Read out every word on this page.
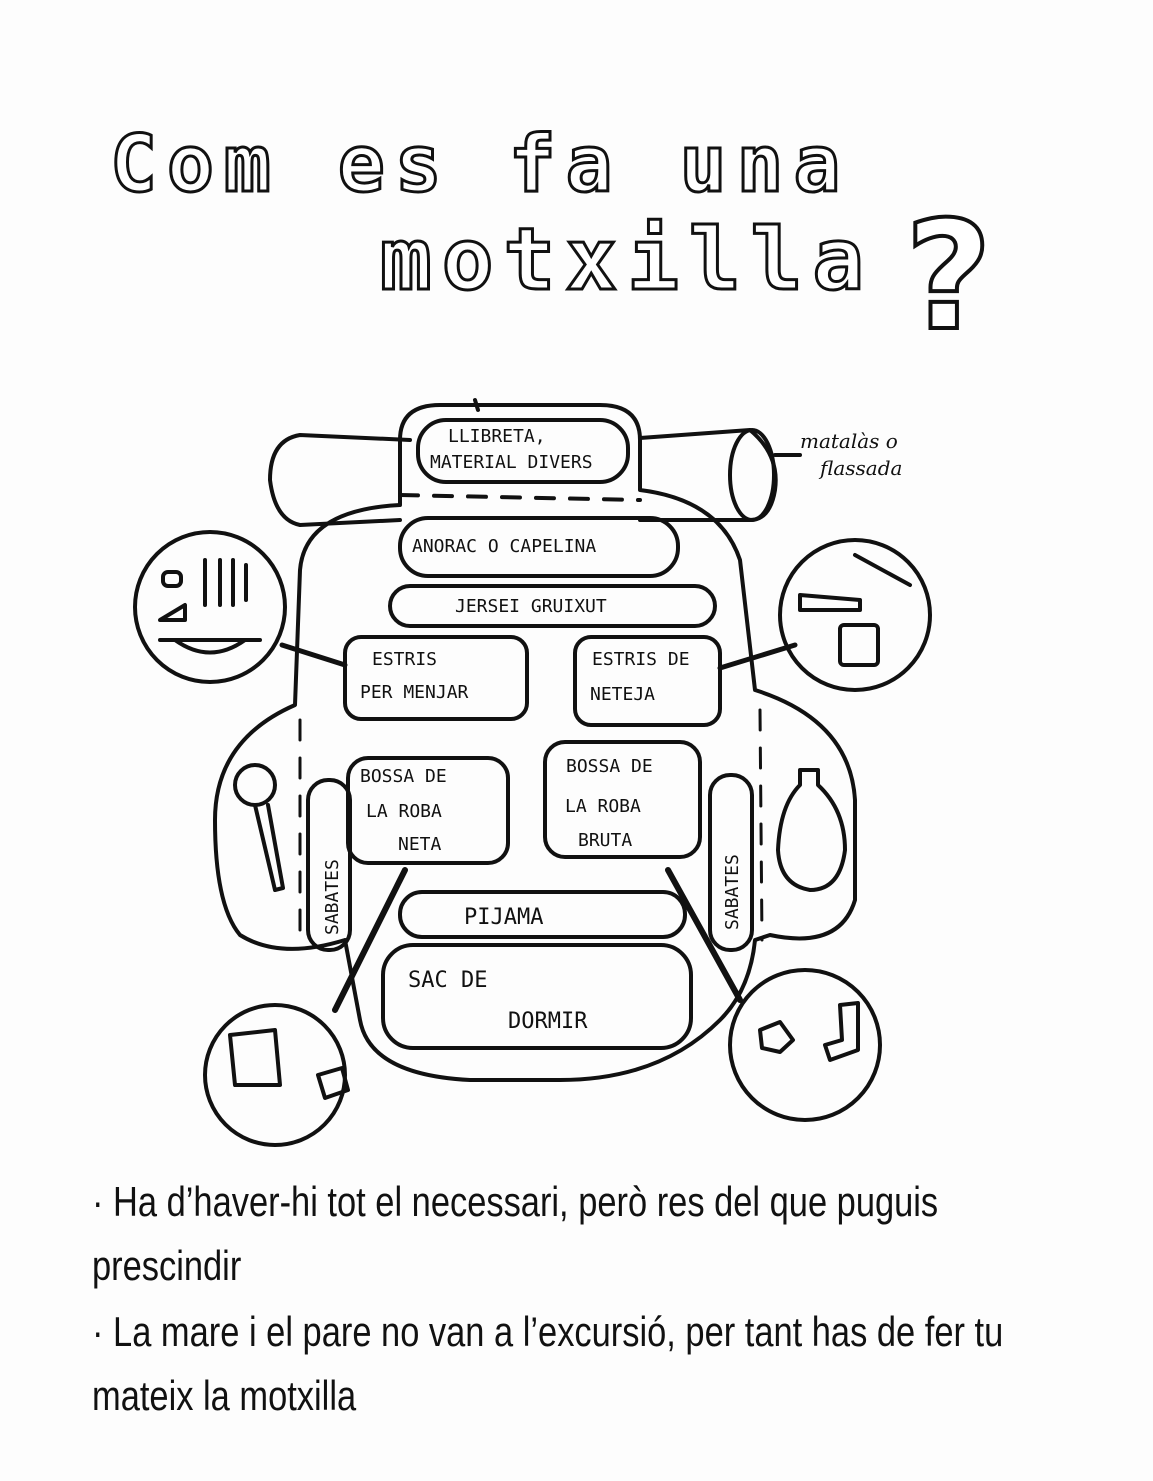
Com es fa una
motxilla ?
LLIBRETA,
MATERIAL DIVERS
ANORAC O CAPELINA
JERSEI GRUIXUT
ESTRIS
PER MENJAR
ESTRIS DE
NETEJA
BOSSA DE
LA ROBA
NETA
BOSSA DE
LA ROBA
BRUTA
PIJAMA
SAC DE
DORMIR
SABATES	SABATES
matalàs o
flassada
· Ha d’haver-hi tot el necessari, però res del que puguis
prescindir
· La mare i el pare no van a l’excursió, per tant has de fer tu
mateix la motxilla
